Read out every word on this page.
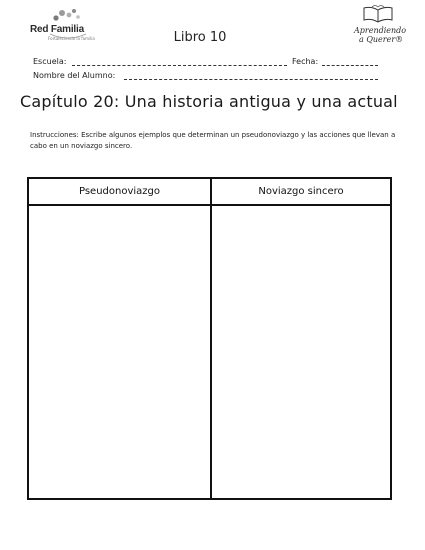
Red Familia
Fortaleciendo la familia
Aprendiendo
a Querer®
Libro 10
Escuela:	Fecha:
Nombre del Alumno:
Capítulo 20: Una historia antigua y una actual
Instrucciones: Escribe algunos ejemplos que determinan un pseudonoviazgo y las acciones que llevan a cabo en un noviazgo sincero.
Pseudonoviazgo	Noviazgo sincero
